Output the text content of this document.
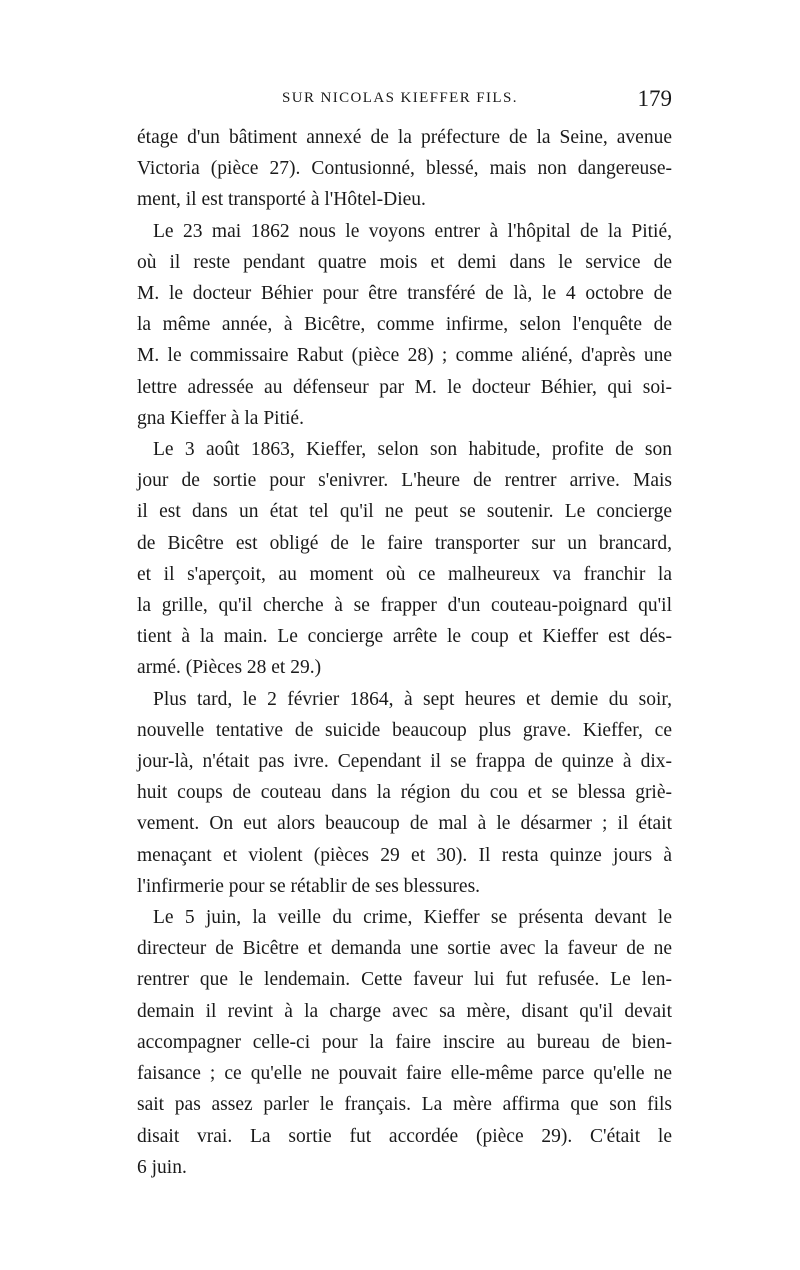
SUR NICOLAS KIEFFER FILS.	179
étage d'un bâtiment annexé de la préfecture de la Seine, avenue
Victoria (pièce 27). Contusionné, blessé, mais non dangereuse-
ment, il est transporté à l'Hôtel-Dieu.
Le 23 mai 1862 nous le voyons entrer à l'hôpital de la Pitié,
où il reste pendant quatre mois et demi dans le service de
M. le docteur Béhier pour être transféré de là, le 4 octobre de
la même année, à Bicêtre, comme infirme, selon l'enquête de
M. le commissaire Rabut (pièce 28) ; comme aliéné, d'après une
lettre adressée au défenseur par M. le docteur Béhier, qui soi-
gna Kieffer à la Pitié.
Le 3 août 1863, Kieffer, selon son habitude, profite de son
jour de sortie pour s'enivrer. L'heure de rentrer arrive. Mais
il est dans un état tel qu'il ne peut se soutenir. Le concierge
de Bicêtre est obligé de le faire transporter sur un brancard,
et il s'aperçoit, au moment où ce malheureux va franchir la
la grille, qu'il cherche à se frapper d'un couteau-poignard qu'il
tient à la main. Le concierge arrête le coup et Kieffer est dés-
armé. (Pièces 28 et 29.)
Plus tard, le 2 février 1864, à sept heures et demie du soir,
nouvelle tentative de suicide beaucoup plus grave. Kieffer, ce
jour-là, n'était pas ivre. Cependant il se frappa de quinze à dix-
huit coups de couteau dans la région du cou et se blessa griè-
vement. On eut alors beaucoup de mal à le désarmer ; il était
menaçant et violent (pièces 29 et 30). Il resta quinze jours à
l'infirmerie pour se rétablir de ses blessures.
Le 5 juin, la veille du crime, Kieffer se présenta devant le
directeur de Bicêtre et demanda une sortie avec la faveur de ne
rentrer que le lendemain. Cette faveur lui fut refusée. Le len-
demain il revint à la charge avec sa mère, disant qu'il devait
accompagner celle-ci pour la faire inscire au bureau de bien-
faisance ; ce qu'elle ne pouvait faire elle-même parce qu'elle ne
sait pas assez parler le français. La mère affirma que son fils
disait vrai. La sortie fut accordée (pièce 29). C'était le
6 juin.
